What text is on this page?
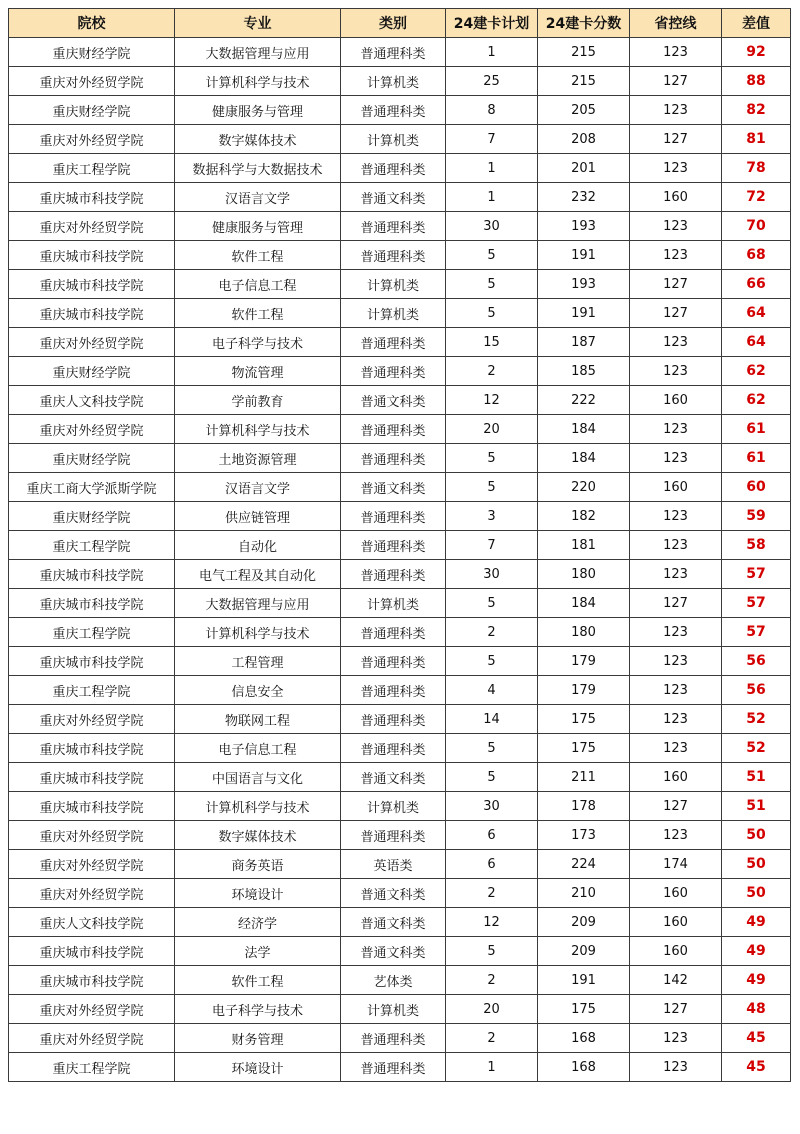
院校	专业	类别	24建卡计划	24建卡分数	省控线	差值
重庆财经学院	大数据管理与应用	普通理科类	1	215	123	92
重庆对外经贸学院	计算机科学与技术	计算机类	25	215	127	88
重庆财经学院	健康服务与管理	普通理科类	8	205	123	82
重庆对外经贸学院	数字媒体技术	计算机类	7	208	127	81
重庆工程学院	数据科学与大数据技术	普通理科类	1	201	123	78
重庆城市科技学院	汉语言文学	普通文科类	1	232	160	72
重庆对外经贸学院	健康服务与管理	普通理科类	30	193	123	70
重庆城市科技学院	软件工程	普通理科类	5	191	123	68
重庆城市科技学院	电子信息工程	计算机类	5	193	127	66
重庆城市科技学院	软件工程	计算机类	5	191	127	64
重庆对外经贸学院	电子科学与技术	普通理科类	15	187	123	64
重庆财经学院	物流管理	普通理科类	2	185	123	62
重庆人文科技学院	学前教育	普通文科类	12	222	160	62
重庆对外经贸学院	计算机科学与技术	普通理科类	20	184	123	61
重庆财经学院	土地资源管理	普通理科类	5	184	123	61
重庆工商大学派斯学院	汉语言文学	普通文科类	5	220	160	60
重庆财经学院	供应链管理	普通理科类	3	182	123	59
重庆工程学院	自动化	普通理科类	7	181	123	58
重庆城市科技学院	电气工程及其自动化	普通理科类	30	180	123	57
重庆城市科技学院	大数据管理与应用	计算机类	5	184	127	57
重庆工程学院	计算机科学与技术	普通理科类	2	180	123	57
重庆城市科技学院	工程管理	普通理科类	5	179	123	56
重庆工程学院	信息安全	普通理科类	4	179	123	56
重庆对外经贸学院	物联网工程	普通理科类	14	175	123	52
重庆城市科技学院	电子信息工程	普通理科类	5	175	123	52
重庆城市科技学院	中国语言与文化	普通文科类	5	211	160	51
重庆城市科技学院	计算机科学与技术	计算机类	30	178	127	51
重庆对外经贸学院	数字媒体技术	普通理科类	6	173	123	50
重庆对外经贸学院	商务英语	英语类	6	224	174	50
重庆对外经贸学院	环境设计	普通文科类	2	210	160	50
重庆人文科技学院	经济学	普通文科类	12	209	160	49
重庆城市科技学院	法学	普通文科类	5	209	160	49
重庆城市科技学院	软件工程	艺体类	2	191	142	49
重庆对外经贸学院	电子科学与技术	计算机类	20	175	127	48
重庆对外经贸学院	财务管理	普通理科类	2	168	123	45
重庆工程学院	环境设计	普通理科类	1	168	123	45
